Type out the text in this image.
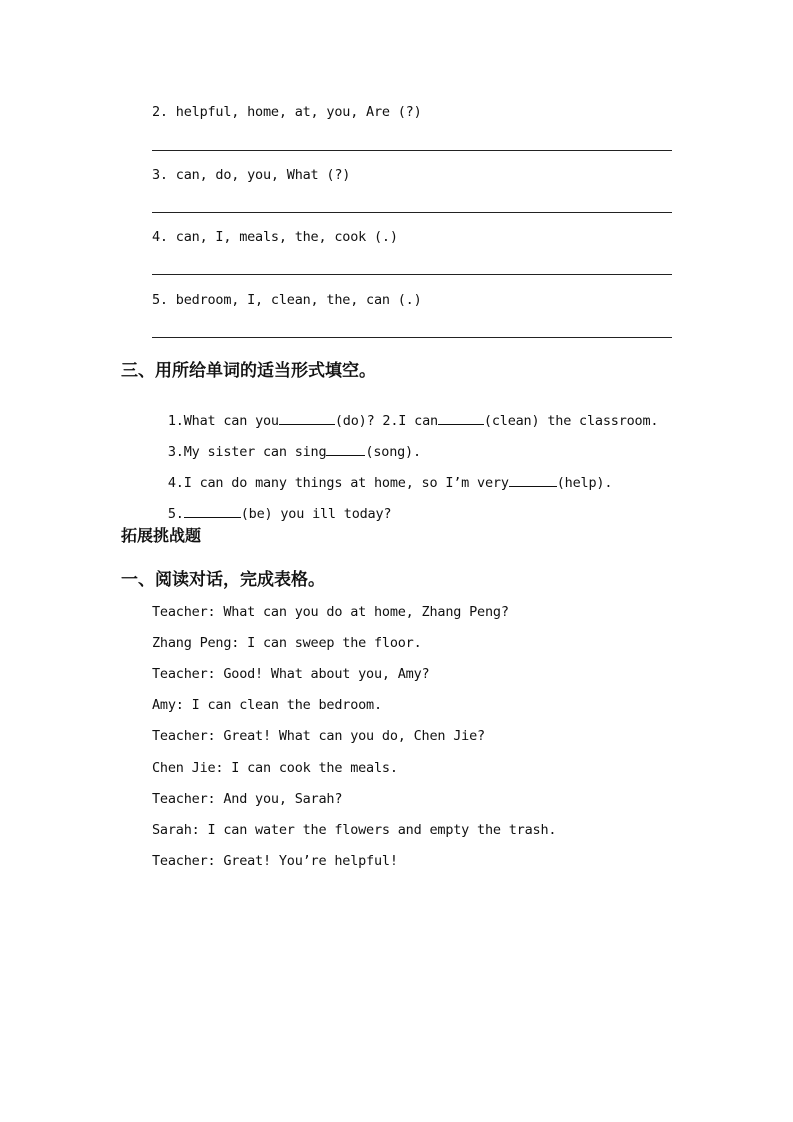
2. helpful, home, at, you, Are (?)
3. can, do, you, What (?)
4. can, I, meals, the, cook (.)
5. bedroom, I, clean, the, can (.)
三、用所给单词的适当形式填空。

1.What can you	(do)? 2.I can	(clean) the classroom.

3.My sister can sing	(song).

4.I can do many things at home, so I’m very	(help).

5.	(be) you ill today?

拓展挑战题
一、阅读对话，完成表格。
Teacher: What can you do at home, Zhang Peng?
Zhang Peng: I can sweep the floor.
Teacher: Good! What about you, Amy?
Amy: I can clean the bedroom.
Teacher: Great! What can you do, Chen Jie?
Chen Jie: I can cook the meals.
Teacher: And you, Sarah?
Sarah: I can water the flowers and empty the trash.
Teacher: Great! You’re helpful!
